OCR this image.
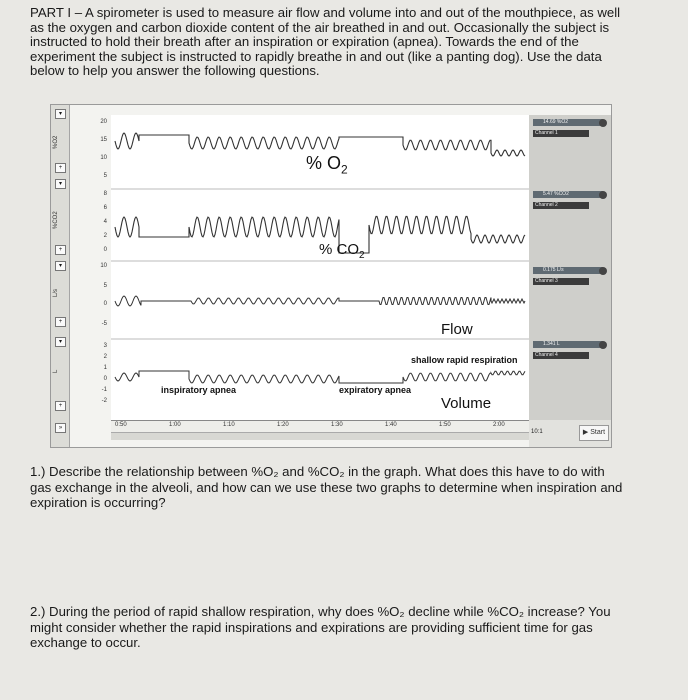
PART I – A spirometer is used to measure air flow and volume into and out of the mouthpiece, as well
as the oxygen and carbon dioxide content of the air breathed in and out. Occasionally the subject is
instructed to hold their breath after an inspiration or expiration (apnea). Towards the end of the
experiment the subject is instructed to rapidly breathe in and out (like a panting dog). Use the data
below to help you answer the following questions.

▾
%O2
+
▾
%CO2
+
▾
L/s
+
▾
L
+
»
20
15
10
5
8
6
4
2
0
10
5
0
-5
3
2
1
0
-1
-2
% $O_2$
% $CO_2$
Flow
shallow rapid respiration
inspiratory apnea	expiratory apnea
Volume
14.69 %O2
Channel 1
5.47 %CO2
Channel 2
0.175 L/s
Channel 3
1.341 L
Channel 4
0:50	1:00	1:10	1:20	1:30	1:40	1:50	2:00
10:1	▶ Start

1.) Describe the relationship between %O₂ and %CO₂ in the graph. What does this have to do with
gas exchange in the alveoli, and how can we use these two graphs to determine when inspiration and
expiration is occurring?

2.) During the period of rapid shallow respiration, why does %O₂ decline while %CO₂ increase? You
might consider whether the rapid inspirations and expirations are providing sufficient time for gas
exchange to occur.
